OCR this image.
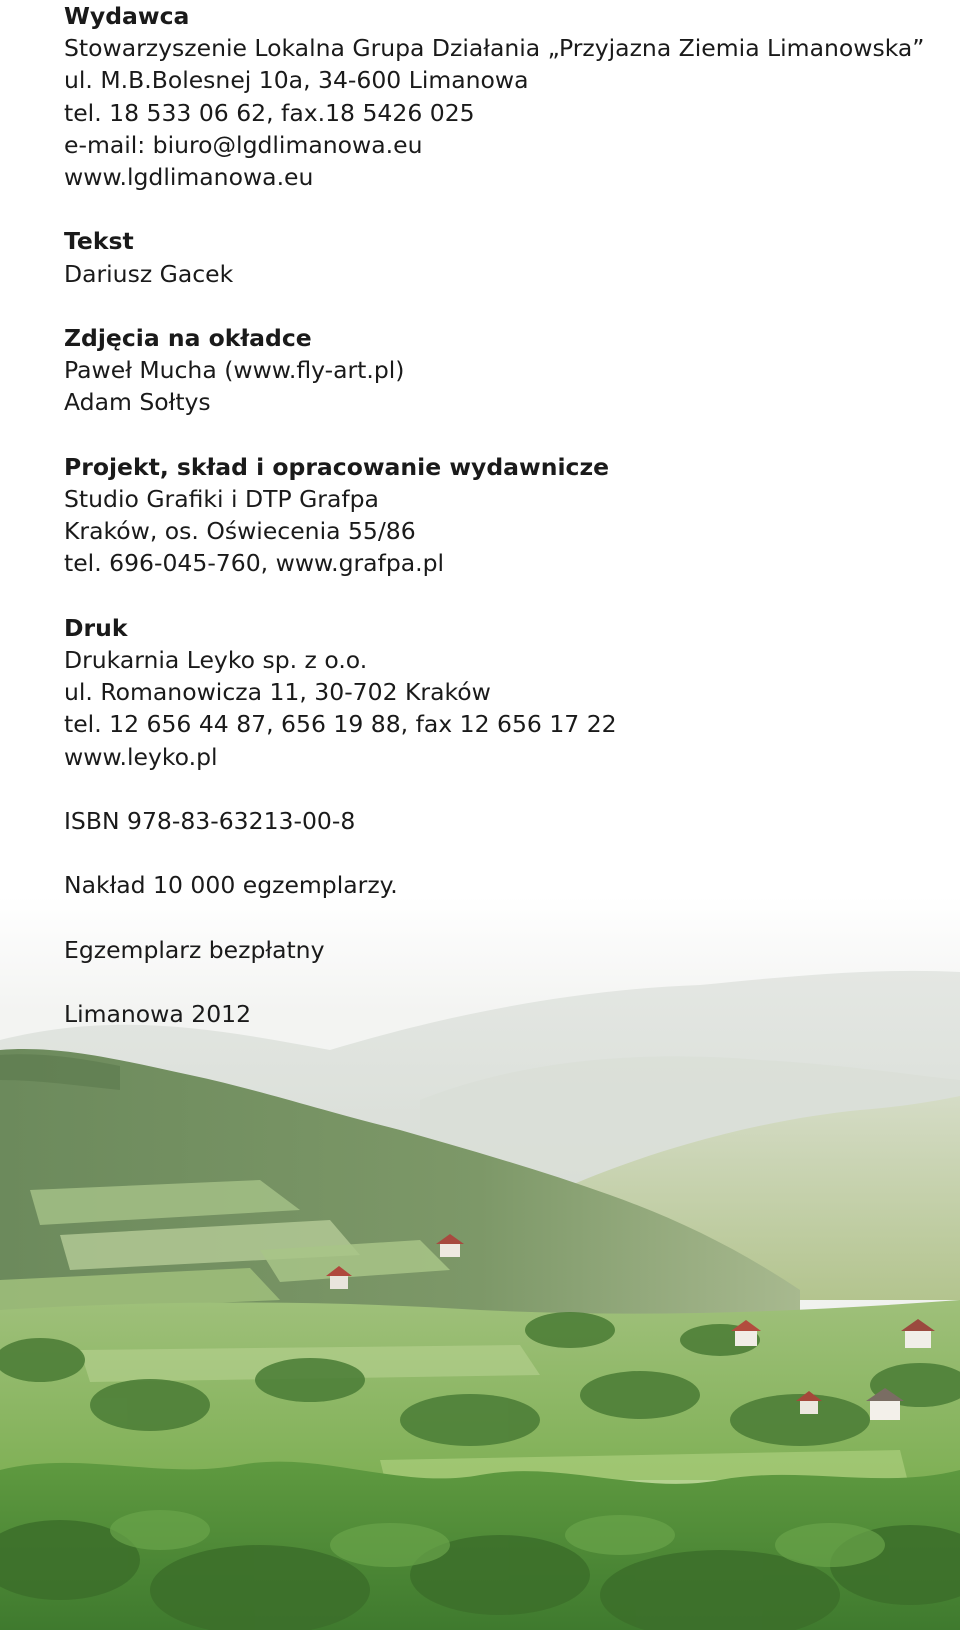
Wydawca
Stowarzyszenie Lokalna Grupa Działania „Przyjazna Ziemia Limanowska”
ul. M.B.Bolesnej 10a, 34-600 Limanowa
tel. 18 533 06 62, fax.18 5426 025
e-mail: biuro@lgdlimanowa.eu
www.lgdlimanowa.eu
Tekst
Dariusz Gacek
Zdjęcia na okładce
Paweł Mucha (www.fly-art.pl)
Adam Sołtys
Projekt, skład i opracowanie wydawnicze
Studio Grafiki i DTP Grafpa
Kraków, os. Oświecenia 55/86
tel. 696-045-760, www.grafpa.pl
Druk
Drukarnia Leyko sp. z o.o.
ul. Romanowicza 11, 30-702 Kraków
tel. 12 656 44 87, 656 19 88, fax 12 656 17 22
www.leyko.pl
ISBN 978-83-63213-00-8
Nakład 10 000 egzemplarzy.
Egzemplarz bezpłatny
Limanowa 2012
